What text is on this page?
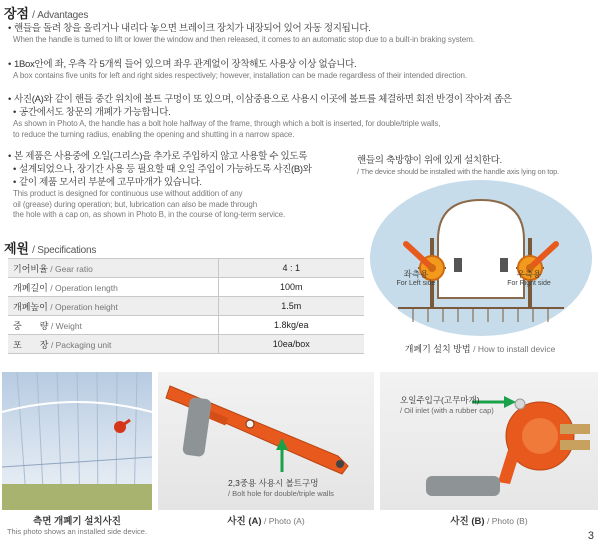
장점 / Advantages
• 핸들을 돌려 창을 올리거나 내리다 놓으면 브레이크 장치가 내장되어 있어 자동 정지됩니다.
When the handle is turned to lift or lower the window and then released, it comes to an automatic stop due to a built-in braking system.
• 1Box안에 좌, 우측 각 5개씩 들어 있으며 좌우 관계없이 장착해도 사용상 이상 없습니다.
A box contains five units for left and right sides respectively; however, installation can be made regardless of their intended direction.
• 사진(A)와 같이 핸들 중간 위치에 볼트 구멍이 또 있으며, 이삼중용으로 사용시 이곳에 볼트를 체결하면 회전 반경이 작아져 좁은
• 공간에서도 창문의 개폐가 가능합니다.
As shown in Photo A, the handle has a bolt hole halfway of the frame, through which a bolt is inserted, for double/triple walls,
to reduce the turning radius, enabling the opening and shutting in a narrow space.
• 본 제품은 사용중에 오일(그리스)을 추가로 주입하지 않고 사용할 수 있도록
• 설계되었으나, 장기간 사용 등 필요할 때 오일 주입이 가능하도록 사진(B)와
• 같이 제품 모서리 부분에 고무마개가 있습니다.
This product is designed for continuous use without addition of any
oil (grease) during operation; but, lubrication can also be made through
the hole with a cap on, as shown in Photo B, in the course of long-term service.
제원 / Specifications
기어비율 / Gear ratio	4 : 1
개폐길이 / Operation length	100m
개폐높이 / Operation height	1.5m
중　　량 / Weight	1.8kg/ea
포　　장 / Packaging unit	10ea/box
핸들의 축방향이 위에 있게 설치한다.
/ The device should be installed with the handle axis lying on top.
좌측용
For Left side
우측용
For Right side
개폐기 설치 방법 / How to install device
측면 개폐기 설치사진
This photo shows an installed side device.
2,3중용 사용시 볼트구멍
/ Bolt hole for double/triple walls
사진 (A) / Photo (A)
오일주입구(고무마개)
/ Oil inlet (with a rubber cap)
사진 (B) / Photo (B)
3
